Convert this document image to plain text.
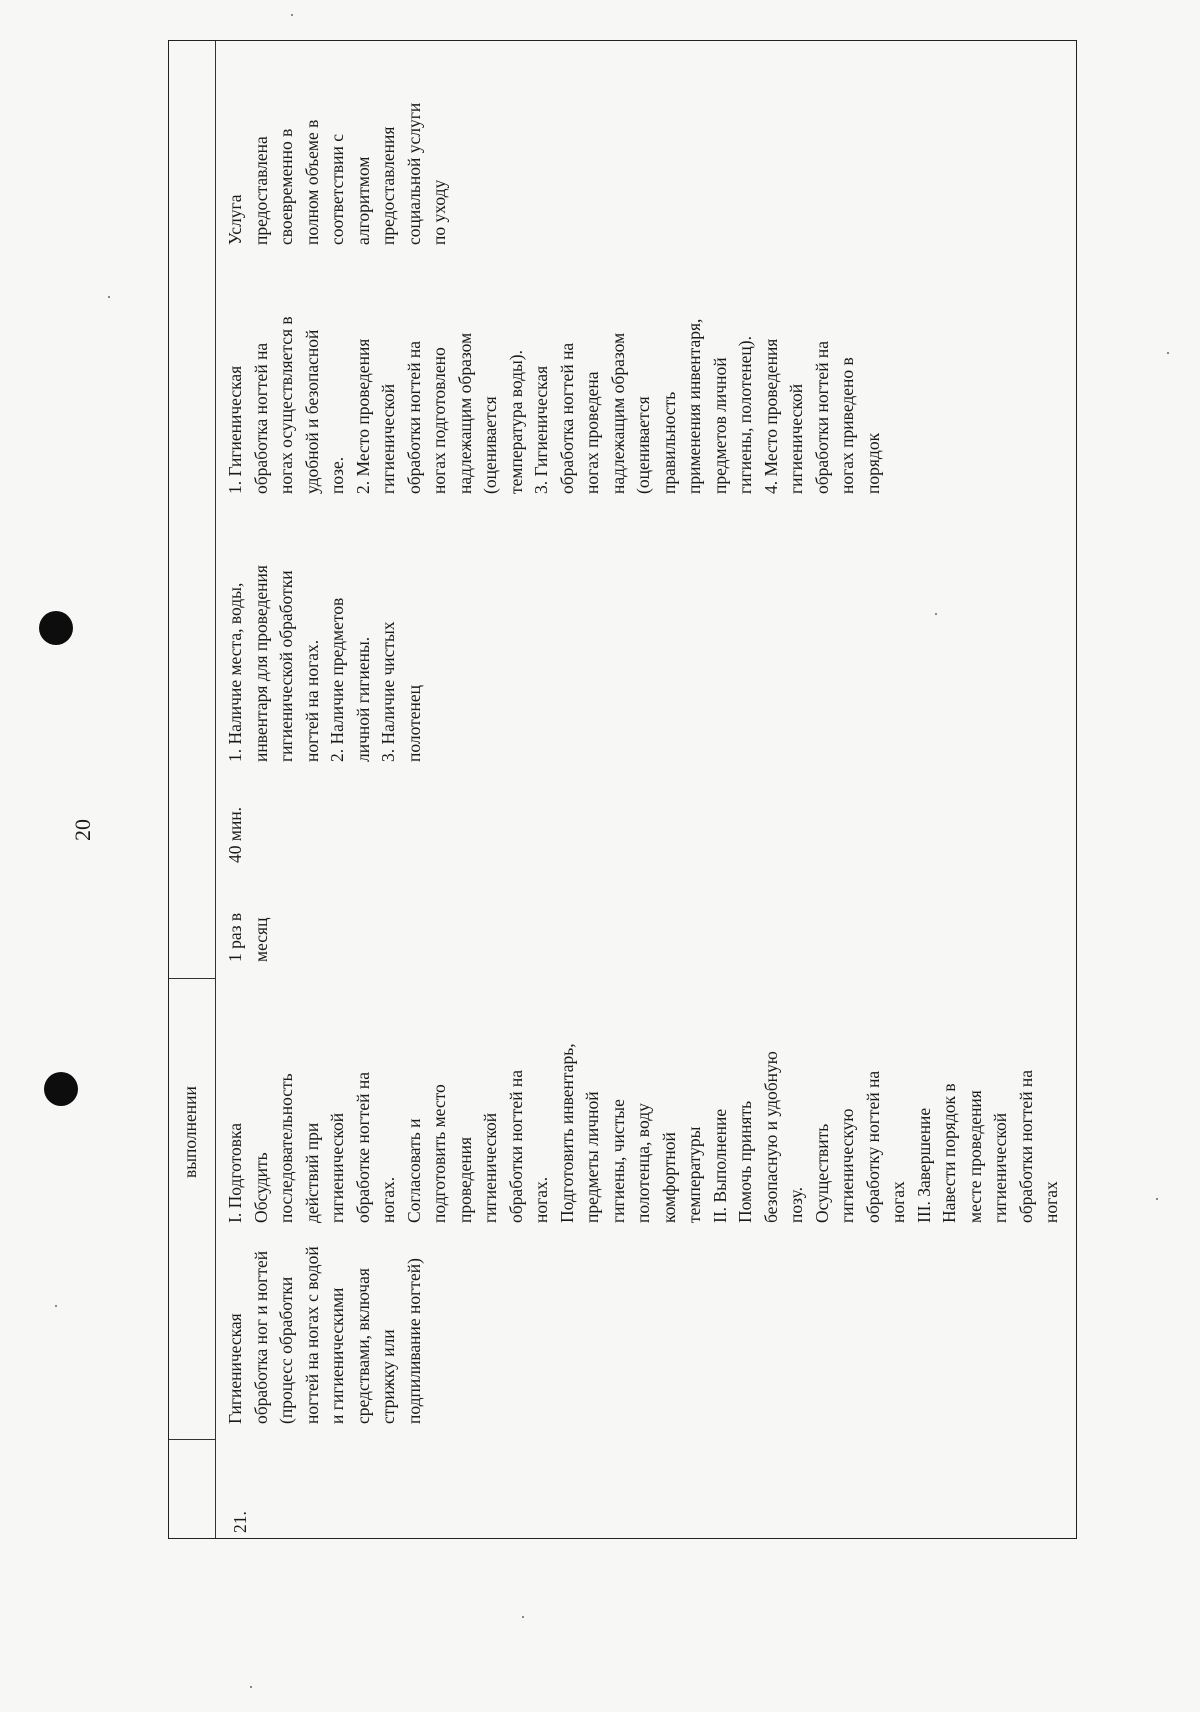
20
выполнении
21.
Гигиеническая
обработка ног и ногтей
(процесс обработки
ногтей на ногах с водой
и гигиеническими
средствами, включая
стрижку или
подпиливание ногтей)
I. Подготовка
Обсудить
последовательность
действий при
гигиенической
обработке ногтей на
ногах.
Согласовать и
подготовить место
проведения
гигиенической
обработки ногтей на
ногах.
Подготовить инвентарь,
предметы личной
гигиены, чистые
полотенца, воду
комфортной
температуры
II. Выполнение
Помочь принять
безопасную и удобную
позу.
Осуществить
гигиеническую
обработку ногтей на
ногах
III. Завершение
Навести порядок в
месте проведения
гигиенической
обработки ногтей на
ногах
1 раз в
месяц
40 мин.
1. Наличие места, воды,
инвентаря для проведения
гигиенической обработки
ногтей на ногах.
2. Наличие предметов
личной гигиены.
3. Наличие чистых
полотенец
1. Гигиеническая
обработка ногтей на
ногах осуществляется в
удобной и безопасной
позе.
2. Место проведения
гигиенической
обработки ногтей на
ногах подготовлено
надлежащим образом
(оценивается
температура воды).
3. Гигиеническая
обработка ногтей на
ногах проведена
надлежащим образом
(оценивается
правильность
применения инвентаря,
предметов личной
гигиены, полотенец).
4. Место проведения
гигиенической
обработки ногтей на
ногах приведено в
порядок
Услуга
предоставлена
своевременно в
полном объеме в
соответствии с
алгоритмом
предоставления
социальной услуги
по уходу
